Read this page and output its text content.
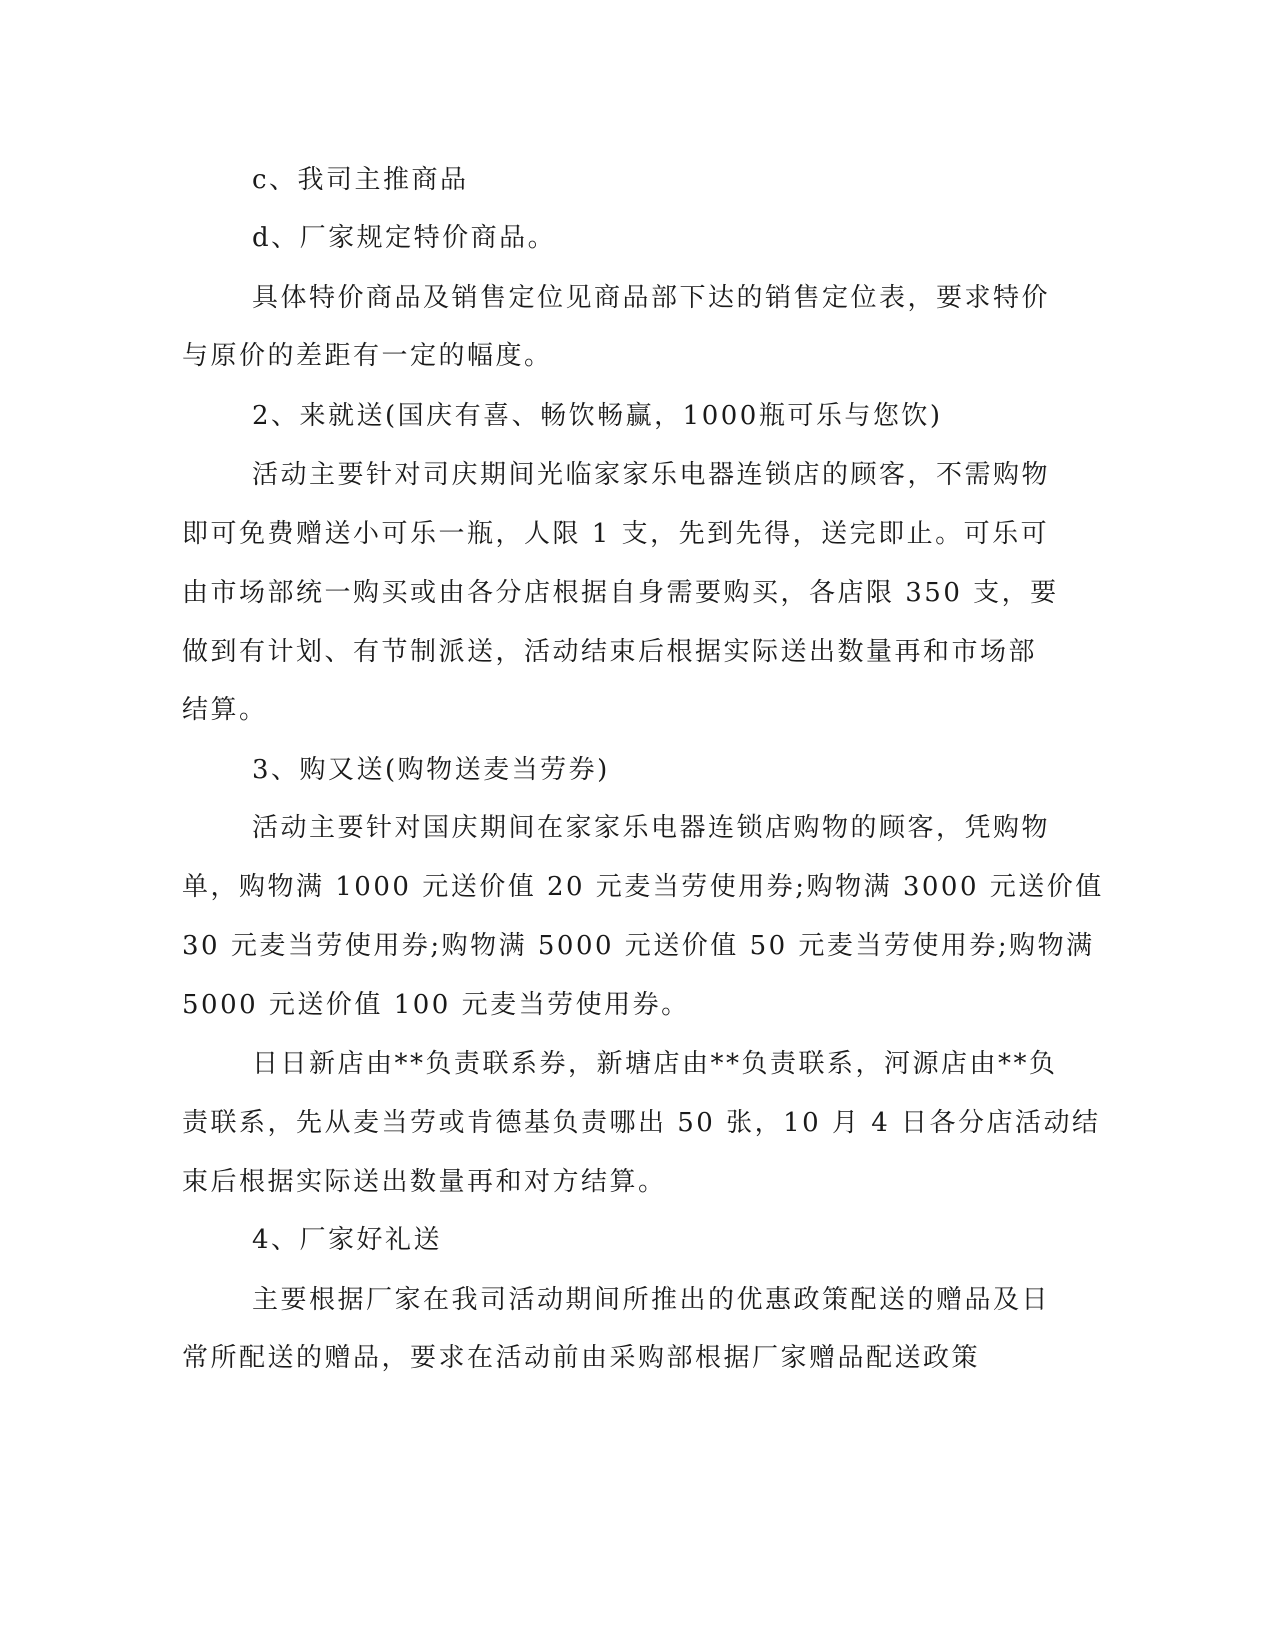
c、我司主推商品
d、厂家规定特价商品。
具体特价商品及销售定位见商品部下达的销售定位表，要求特价
与原价的差距有一定的幅度。
2、来就送(国庆有喜、畅饮畅赢，1000瓶可乐与您饮)
活动主要针对司庆期间光临家家乐电器连锁店的顾客，不需购物
即可免费赠送小可乐一瓶，人限 1 支，先到先得，送完即止。可乐可
由市场部统一购买或由各分店根据自身需要购买，各店限 350 支，要
做到有计划、有节制派送，活动结束后根据实际送出数量再和市场部
结算。
3、购又送(购物送麦当劳券)
活动主要针对国庆期间在家家乐电器连锁店购物的顾客，凭购物
单，购物满 1000 元送价值 20 元麦当劳使用券;购物满 3000 元送价值
30 元麦当劳使用券;购物满 5000 元送价值 50 元麦当劳使用券;购物满
5000 元送价值 100 元麦当劳使用券。
日日新店由**负责联系券，新塘店由**负责联系，河源店由**负
责联系，先从麦当劳或肯德基负责哪出 50 张，10 月 4 日各分店活动结
束后根据实际送出数量再和对方结算。
4、厂家好礼送
主要根据厂家在我司活动期间所推出的优惠政策配送的赠品及日
常所配送的赠品，要求在活动前由采购部根据厂家赠品配送政策
